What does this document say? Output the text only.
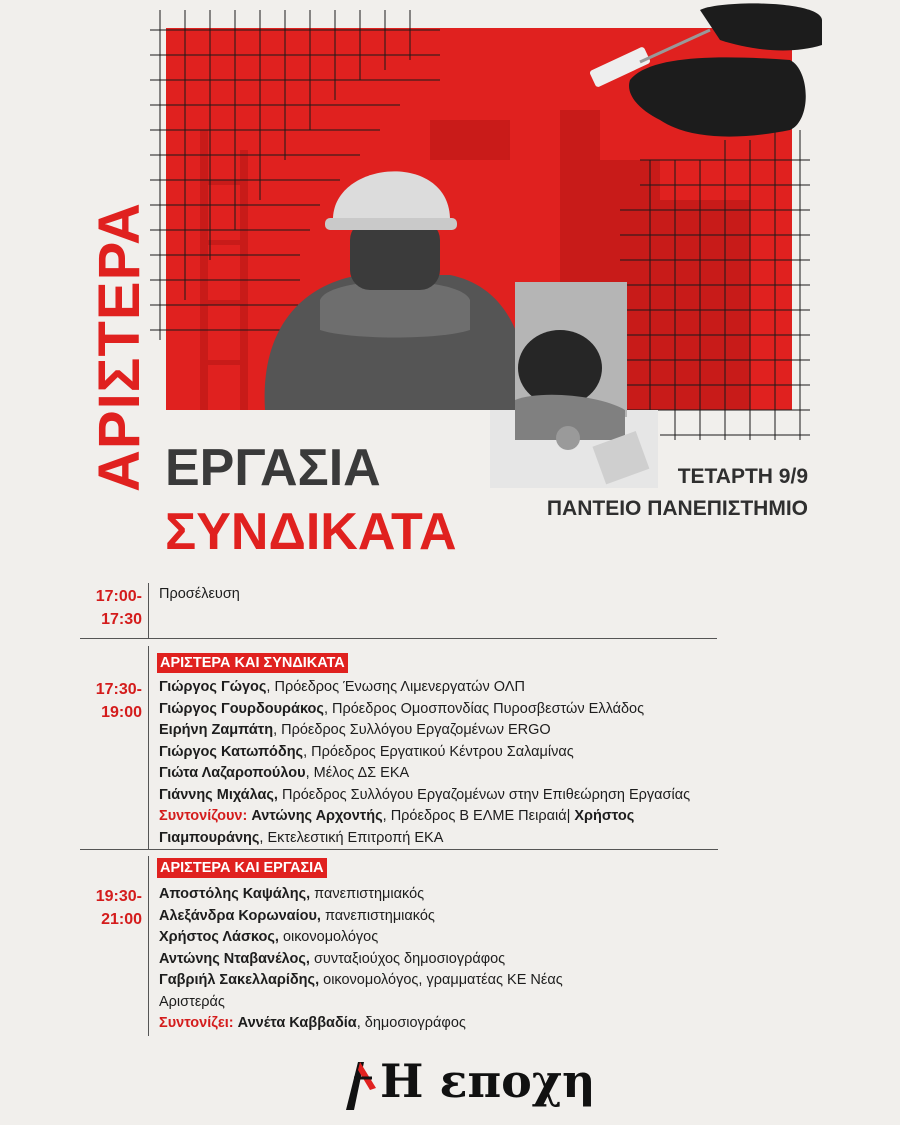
ΑΡΙΣΤΕΡΑ ΕΡΓΑΣΙΑ
ΣΥΝΔΙΚΑΤΑ
ΤΕΤΑΡΤΗ 9/9
ΠΑΝΤΕΙΟ ΠΑΝΕΠΙΣΤΗΜΙΟ
17:00-
17:30
Προσέλευση
ΑΡΙΣΤΕΡΑ ΚΑΙ ΣΥΝΔΙΚΑΤΑ
17:30-
19:00
Γιώργος Γώγος, Πρόεδρος Ένωσης Λιμενεργατών ΟΛΠ
Γιώργος Γουρδουράκος, Πρόεδρος Ομοσπονδίας Πυροσβεστών Ελλάδος
Ειρήνη Ζαμπάτη, Πρόεδρος Συλλόγου Εργαζομένων ERGO
Γιώργος Κατωπόδης, Πρόεδρος Εργατικού Κέντρου Σαλαμίνας
Γιώτα Λαζαροπούλου, Μέλος ΔΣ ΕΚΑ
Γιάννης Μιχάλας, Πρόεδρος Συλλόγου Εργαζομένων στην Επιθεώρηση Εργασίας
Συντονίζουν: Αντώνης Αρχοντής, Πρόεδρος Β ΕΛΜΕ Πειραιά| Χρήστος
Γιαμπουράνης, Εκτελεστική Επιτροπή ΕΚΑ
ΑΡΙΣΤΕΡΑ ΚΑΙ ΕΡΓΑΣΙΑ
19:30-
21:00
Αποστόλης Καψάλης, πανεπιστημιακός
Αλεξάνδρα Κορωναίου, πανεπιστημιακός
Χρήστος Λάσκος, οικονομολόγος
Αντώνης Νταβανέλος, συνταξιούχος δημοσιογράφος
Γαβριήλ Σακελλαρίδης, οικονομολόγος, γραμματέας ΚΕ Νέας
Αριστεράς
Συντονίζει: Αννέτα Καββαδία, δημοσιογράφος
Η εποχη
